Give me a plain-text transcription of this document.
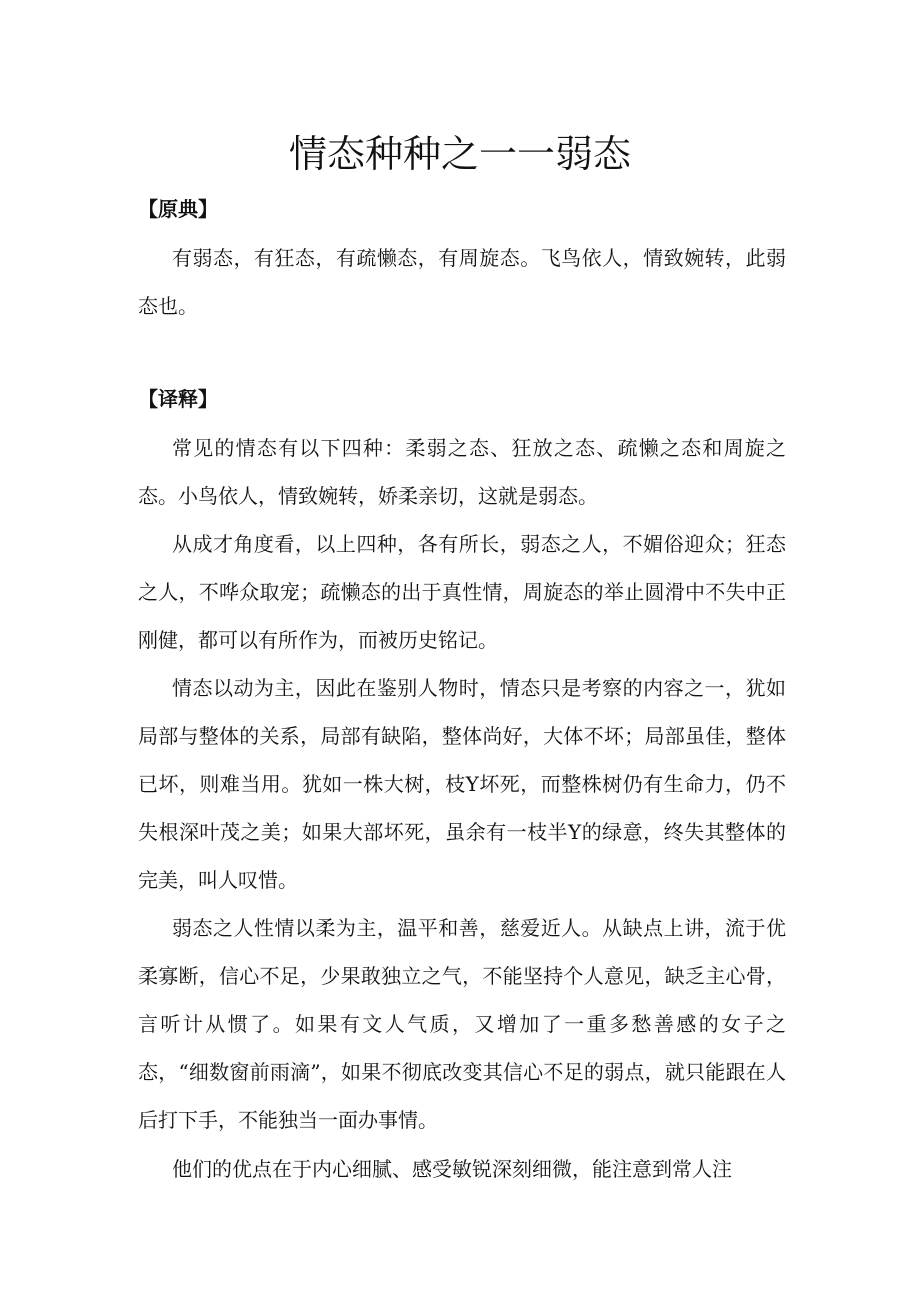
情态种种之一一弱态
【原典】

有弱态，有狂态，有疏懒态，有周旋态。飞鸟依人，情致婉转，此弱态也。

【译释】

常见的情态有以下四种：柔弱之态、狂放之态、疏懒之态和周旋之态。小鸟依人，情致婉转，娇柔亲切，这就是弱态。

从成才角度看，以上四种，各有所长，弱态之人，不媚俗迎众；狂态之人，不哗众取宠；疏懒态的出于真性情，周旋态的举止圆滑中不失中正刚健，都可以有所作为，而被历史铭记。

情态以动为主，因此在鉴别人物时，情态只是考察的内容之一，犹如局部与整体的关系，局部有缺陷，整体尚好，大体不坏；局部虽佳，整体已坏，则难当用。犹如一株大树，枝Y坏死，而整株树仍有生命力，仍不失根深叶茂之美；如果大部坏死，虽余有一枝半Y的绿意，终失其整体的完美，叫人叹惜。

弱态之人性情以柔为主，温平和善，慈爱近人。从缺点上讲，流于优柔寡断，信心不足，少果敢独立之气，不能坚持个人意见，缺乏主心骨，言听计从惯了。如果有文人气质，又增加了一重多愁善感的女子之态，“细数窗前雨滴”，如果不彻底改变其信心不足的弱点，就只能跟在人后打下手，不能独当一面办事情。

他们的优点在于内心细腻、感受敏锐深刻细微，能注意到常人注
